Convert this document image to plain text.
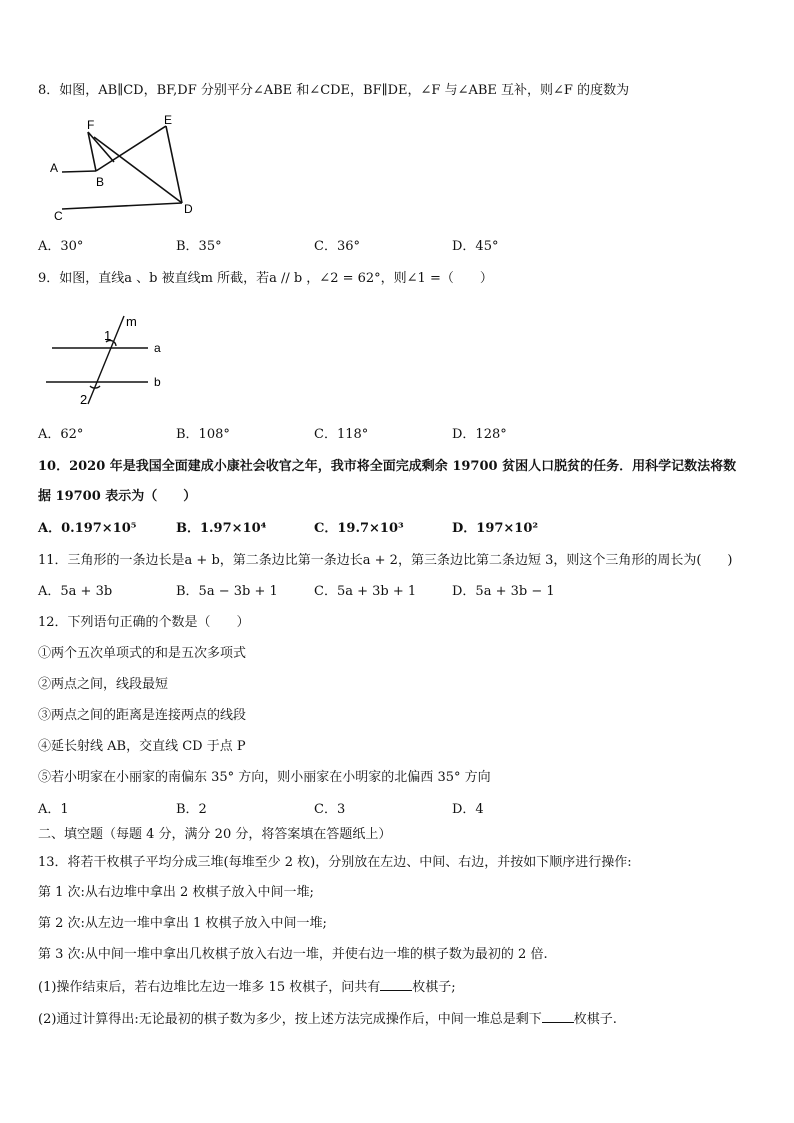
8．如图，AB∥CD，BF,DF 分别平分∠ABE 和∠CDE，BF∥DE，∠F 与∠ABE 互补，则∠F 的度数为
A
B
C	D
E
F
A．30°	B．35°	C．36°	D．45°
9．如图，直线a 、b 被直线m 所截，若a // b ，∠2 = 62°，则∠1 =（　　）
1
2
m
a
b
A．62°	B．108°	C．118°	D．128°
10．2020 年是我国全面建成小康社会收官之年，我市将全面完成剩余 19700 贫困人口脱贫的任务．用科学记数法将数
据 19700 表示为（　　）
A．0.197×10⁵	B．1.97×10⁴	C．19.7×10³	D．197×10²
11．三角形的一条边长是a + b，第二条边比第一条边长a + 2，第三条边比第二条边短 3，则这个三角形的周长为(　　)
A．5a + 3b	B．5a − 3b + 1	C．5a + 3b + 1	D．5a + 3b − 1
12．下列语句正确的个数是（　　）
①两个五次单项式的和是五次多项式
②两点之间，线段最短
③两点之间的距离是连接两点的线段
④延长射线 AB，交直线 CD 于点 P
⑤若小明家在小丽家的南偏东 35° 方向，则小丽家在小明家的北偏西 35° 方向
A．1	B．2	C．3	D．4
二、填空题（每题 4 分，满分 20 分，将答案填在答题纸上）
13．将若干枚棋子平均分成三堆(每堆至少 2 枚)，分别放在左边、中间、右边，并按如下顺序进行操作:
第 1 次:从右边堆中拿出 2 枚棋子放入中间一堆;
第 2 次:从左边一堆中拿出 1 枚棋子放入中间一堆;
第 3 次:从中间一堆中拿出几枚棋子放入右边一堆，并使右边一堆的棋子数为最初的 2 倍.
(1)操作结束后，若右边堆比左边一堆多 15 枚棋子，问共有 枚棋子;
(2)通过计算得出:无论最初的棋子数为多少，按上述方法完成操作后，中间一堆总是剩下 枚棋子.
